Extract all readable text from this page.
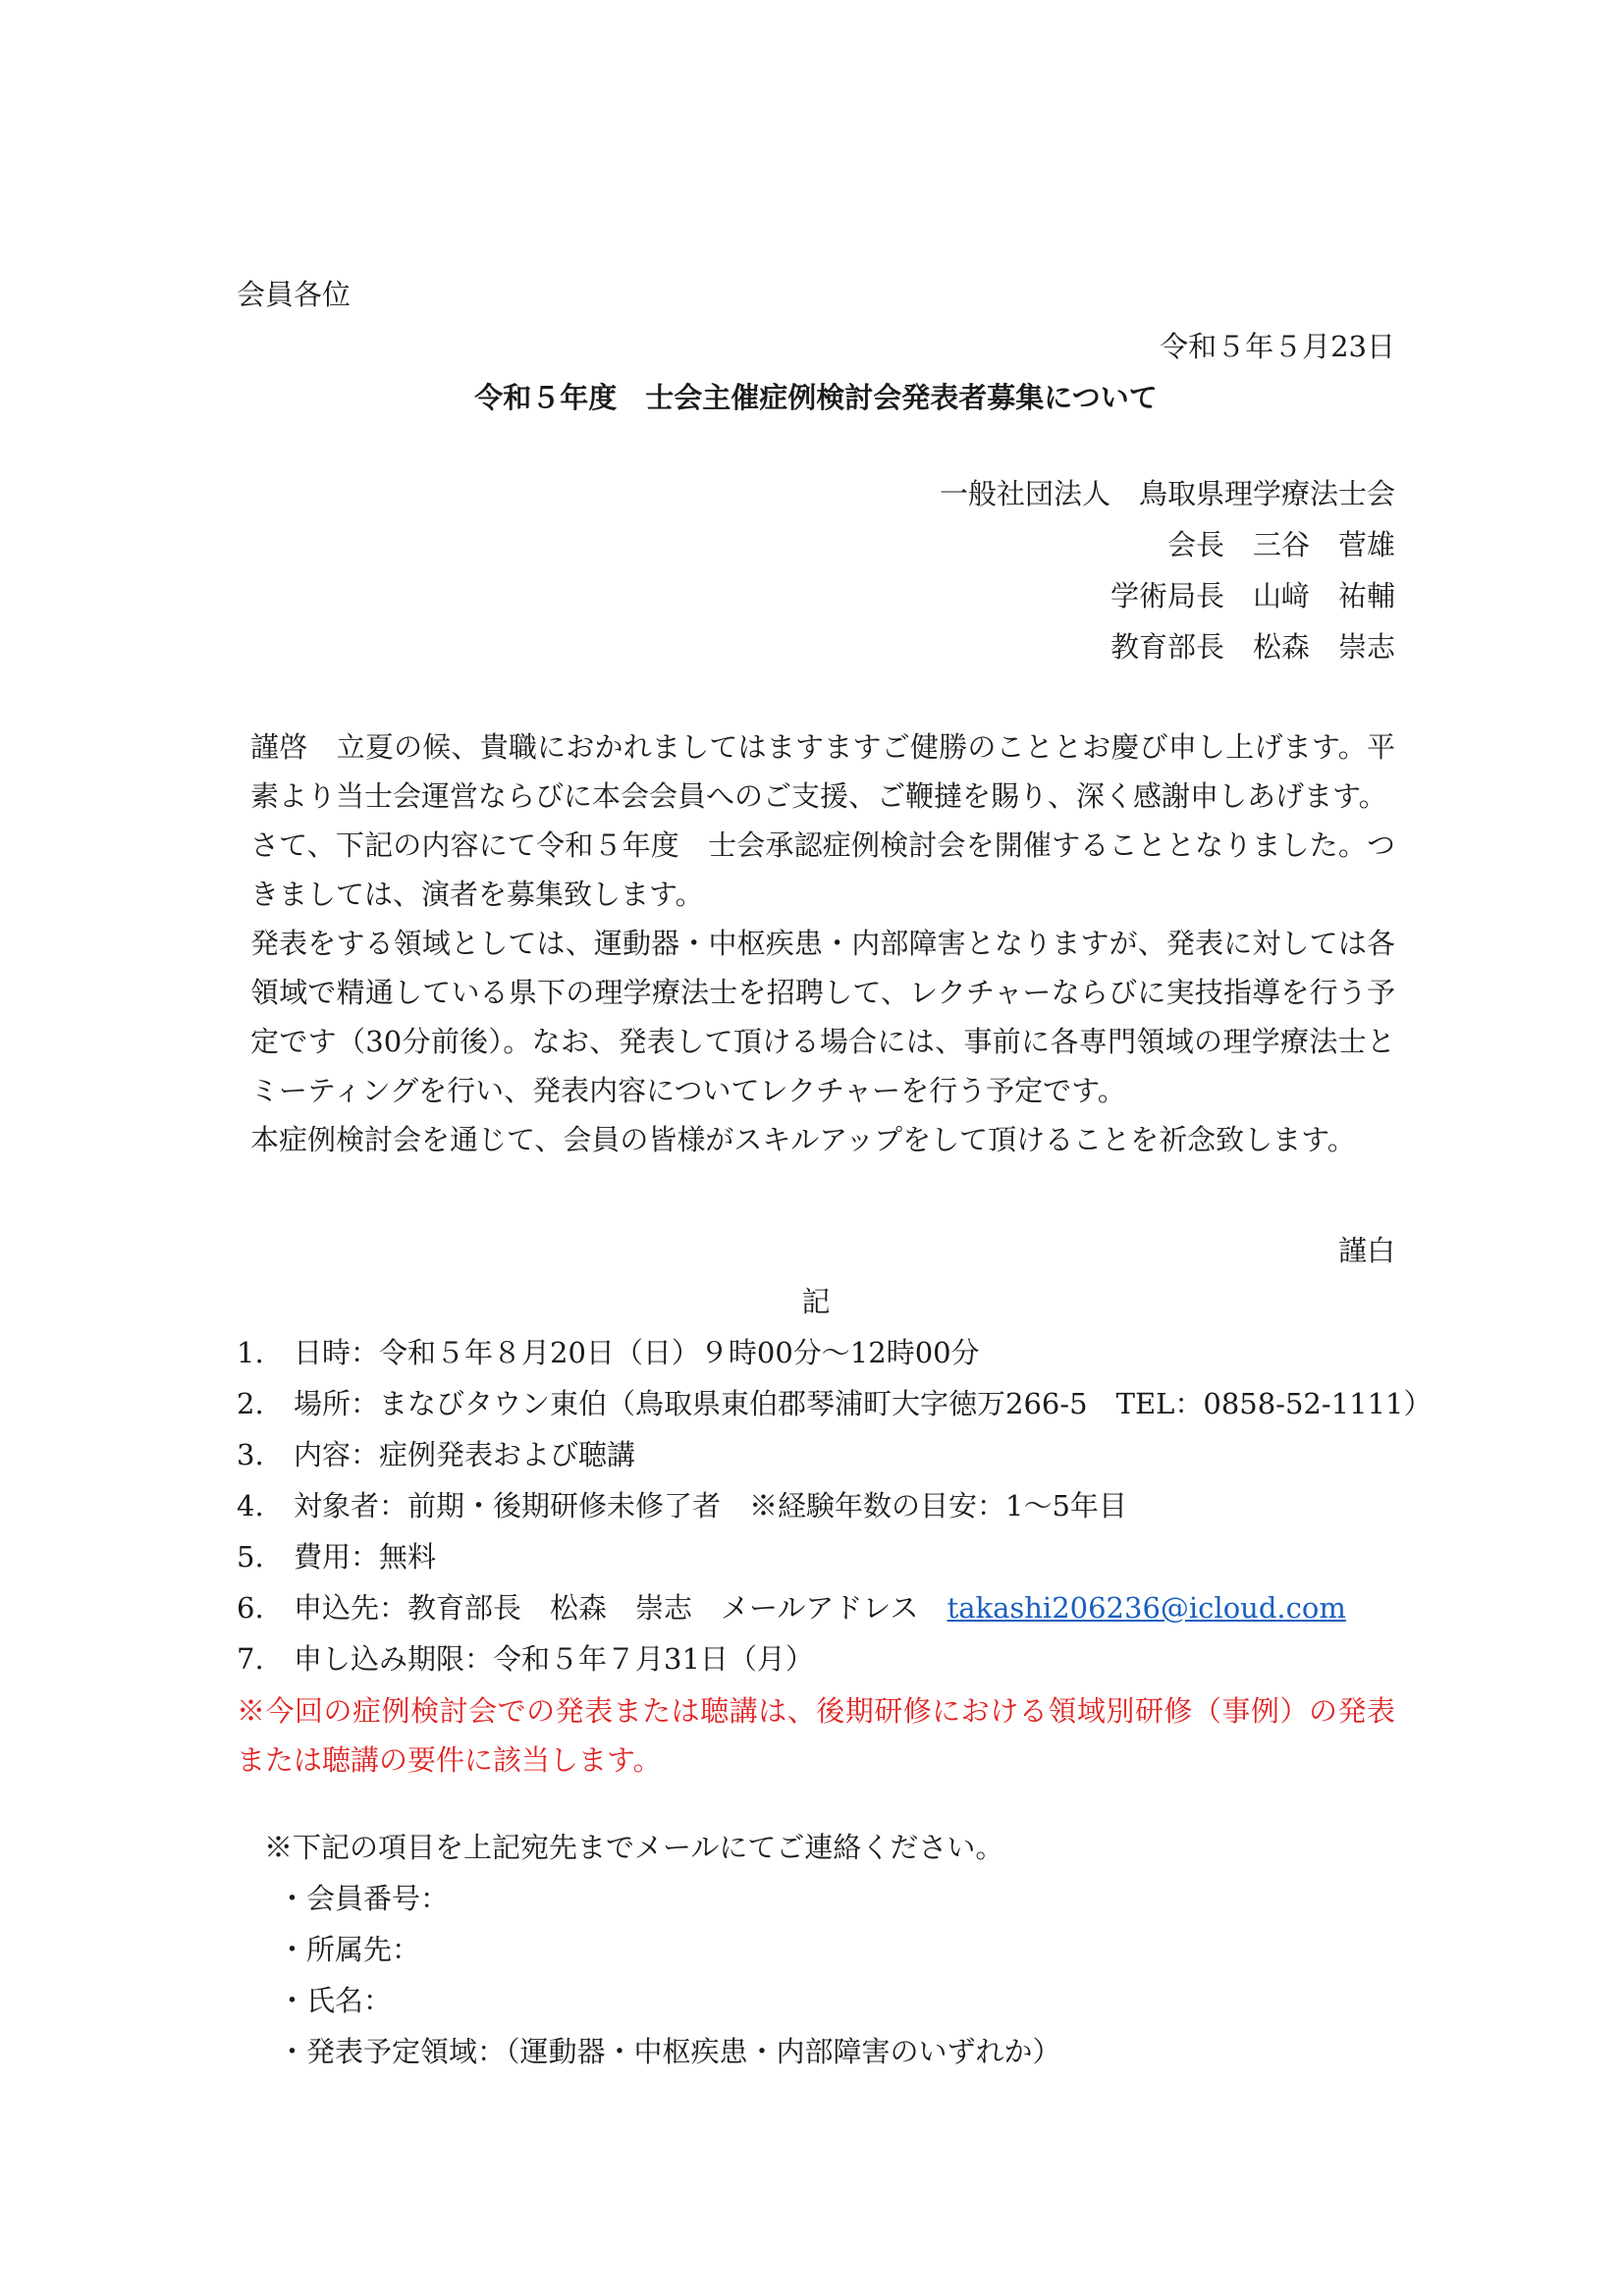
会員各位
令和５年５月23日
令和５年度　士会主催症例検討会発表者募集について
一般社団法人　鳥取県理学療法士会
会長　三谷　菅雄
学術局長　山﨑　祐輔
教育部長　松森　崇志

謹啓　立夏の候、貴職におかれましてはますますご健勝のこととお慶び申し上げます。平素より当士会運営ならびに本会会員へのご支援、ご鞭撻を賜り、深く感謝申しあげます。

さて、下記の内容にて令和５年度　士会承認症例検討会を開催することとなりました。つきましては、演者を募集致します。

発表をする領域としては、運動器・中枢疾患・内部障害となりますが、発表に対しては各領域で精通している県下の理学療法士を招聘して、レクチャーならびに実技指導を行う予定です（30分前後）。なお、発表して頂ける場合には、事前に各専門領域の理学療法士とミーティングを行い、発表内容についてレクチャーを行う予定です。

本症例検討会を通じて、会員の皆様がスキルアップをして頂けることを祈念致します。

謹白
記
1. 日時：令和５年８月20日（日）９時00分～12時00分
2. 場所：まなびタウン東伯（鳥取県東伯郡琴浦町大字徳万266-5　TEL：0858-52-1111）
3. 内容：症例発表および聴講
4. 対象者：前期・後期研修未修了者　※経験年数の目安：1～5年目
5. 費用：無料
6. 申込先：教育部長　松森　崇志　メールアドレス　takashi206236@icloud.com
7. 申し込み期限：令和５年７月31日（月）
※今回の症例検討会での発表または聴講は、後期研修における領域別研修（事例）の発表または聴講の要件に該当します。
※下記の項目を上記宛先までメールにてご連絡ください。
・会員番号：
・所属先：
・氏名：
・発表予定領域：（運動器・中枢疾患・内部障害のいずれか）
